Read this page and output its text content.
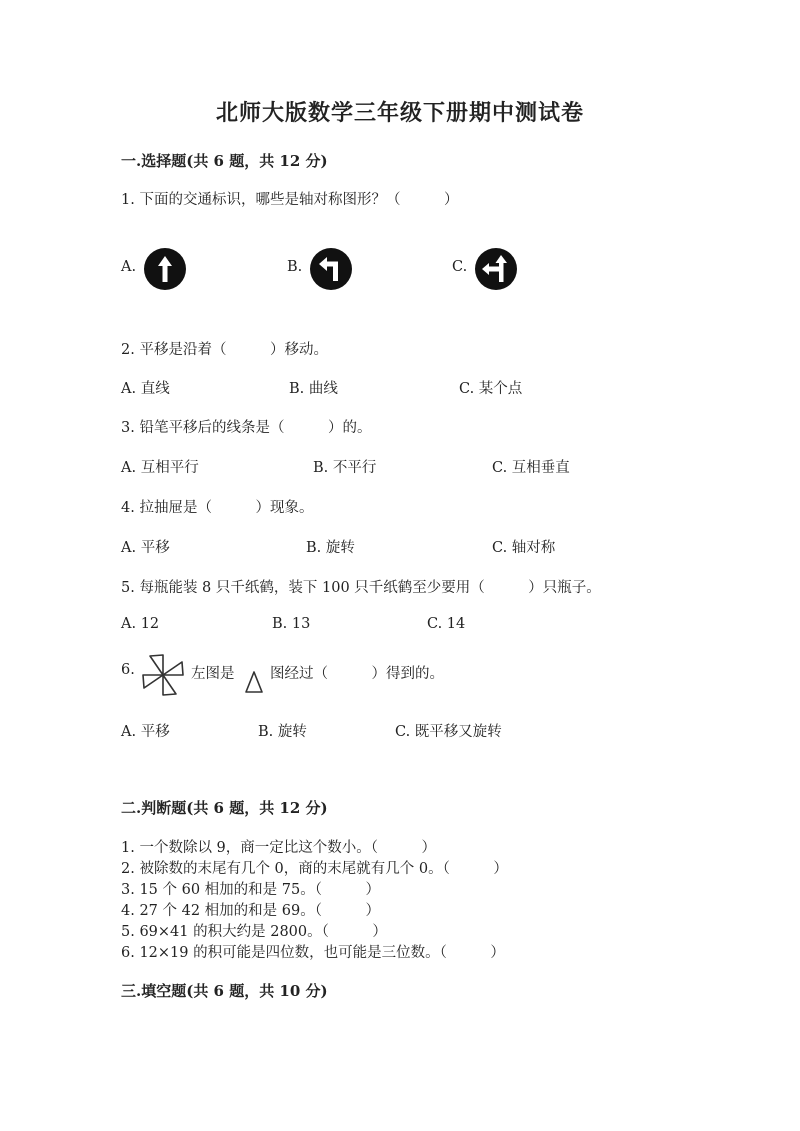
北师大版数学三年级下册期中测试卷
一.选择题(共 6 题，共 12 分)
1. 下面的交通标识，哪些是轴对称图形？（　　　）
A.	B.	C.
2. 平移是沿着（　　　）移动。
A. 直线	B. 曲线	C. 某个点
3. 铅笔平移后的线条是（　　　）的。
A. 互相平行	B. 不平行	C. 互相垂直
4. 拉抽屉是（　　　）现象。
A. 平移	B. 旋转	C. 轴对称
5. 每瓶能装 8 只千纸鹤，装下 100 只千纸鹤至少要用（　　　）只瓶子。
A. 12	B. 13	C. 14
6.	左图是 图经过（　　　）得到的。
A. 平移	B. 旋转	C. 既平移又旋转
二.判断题(共 6 题，共 12 分)
1. 一个数除以 9，商一定比这个数小。（　　　）
2. 被除数的末尾有几个 0，商的末尾就有几个 0。（　　　）
3. 15 个 60 相加的和是 75。（　　　）
4. 27 个 42 相加的和是 69。（　　　）
5. 69×41 的积大约是 2800。（　　　）
6. 12×19 的积可能是四位数，也可能是三位数。（　　　）
三.填空题(共 6 题，共 10 分)
